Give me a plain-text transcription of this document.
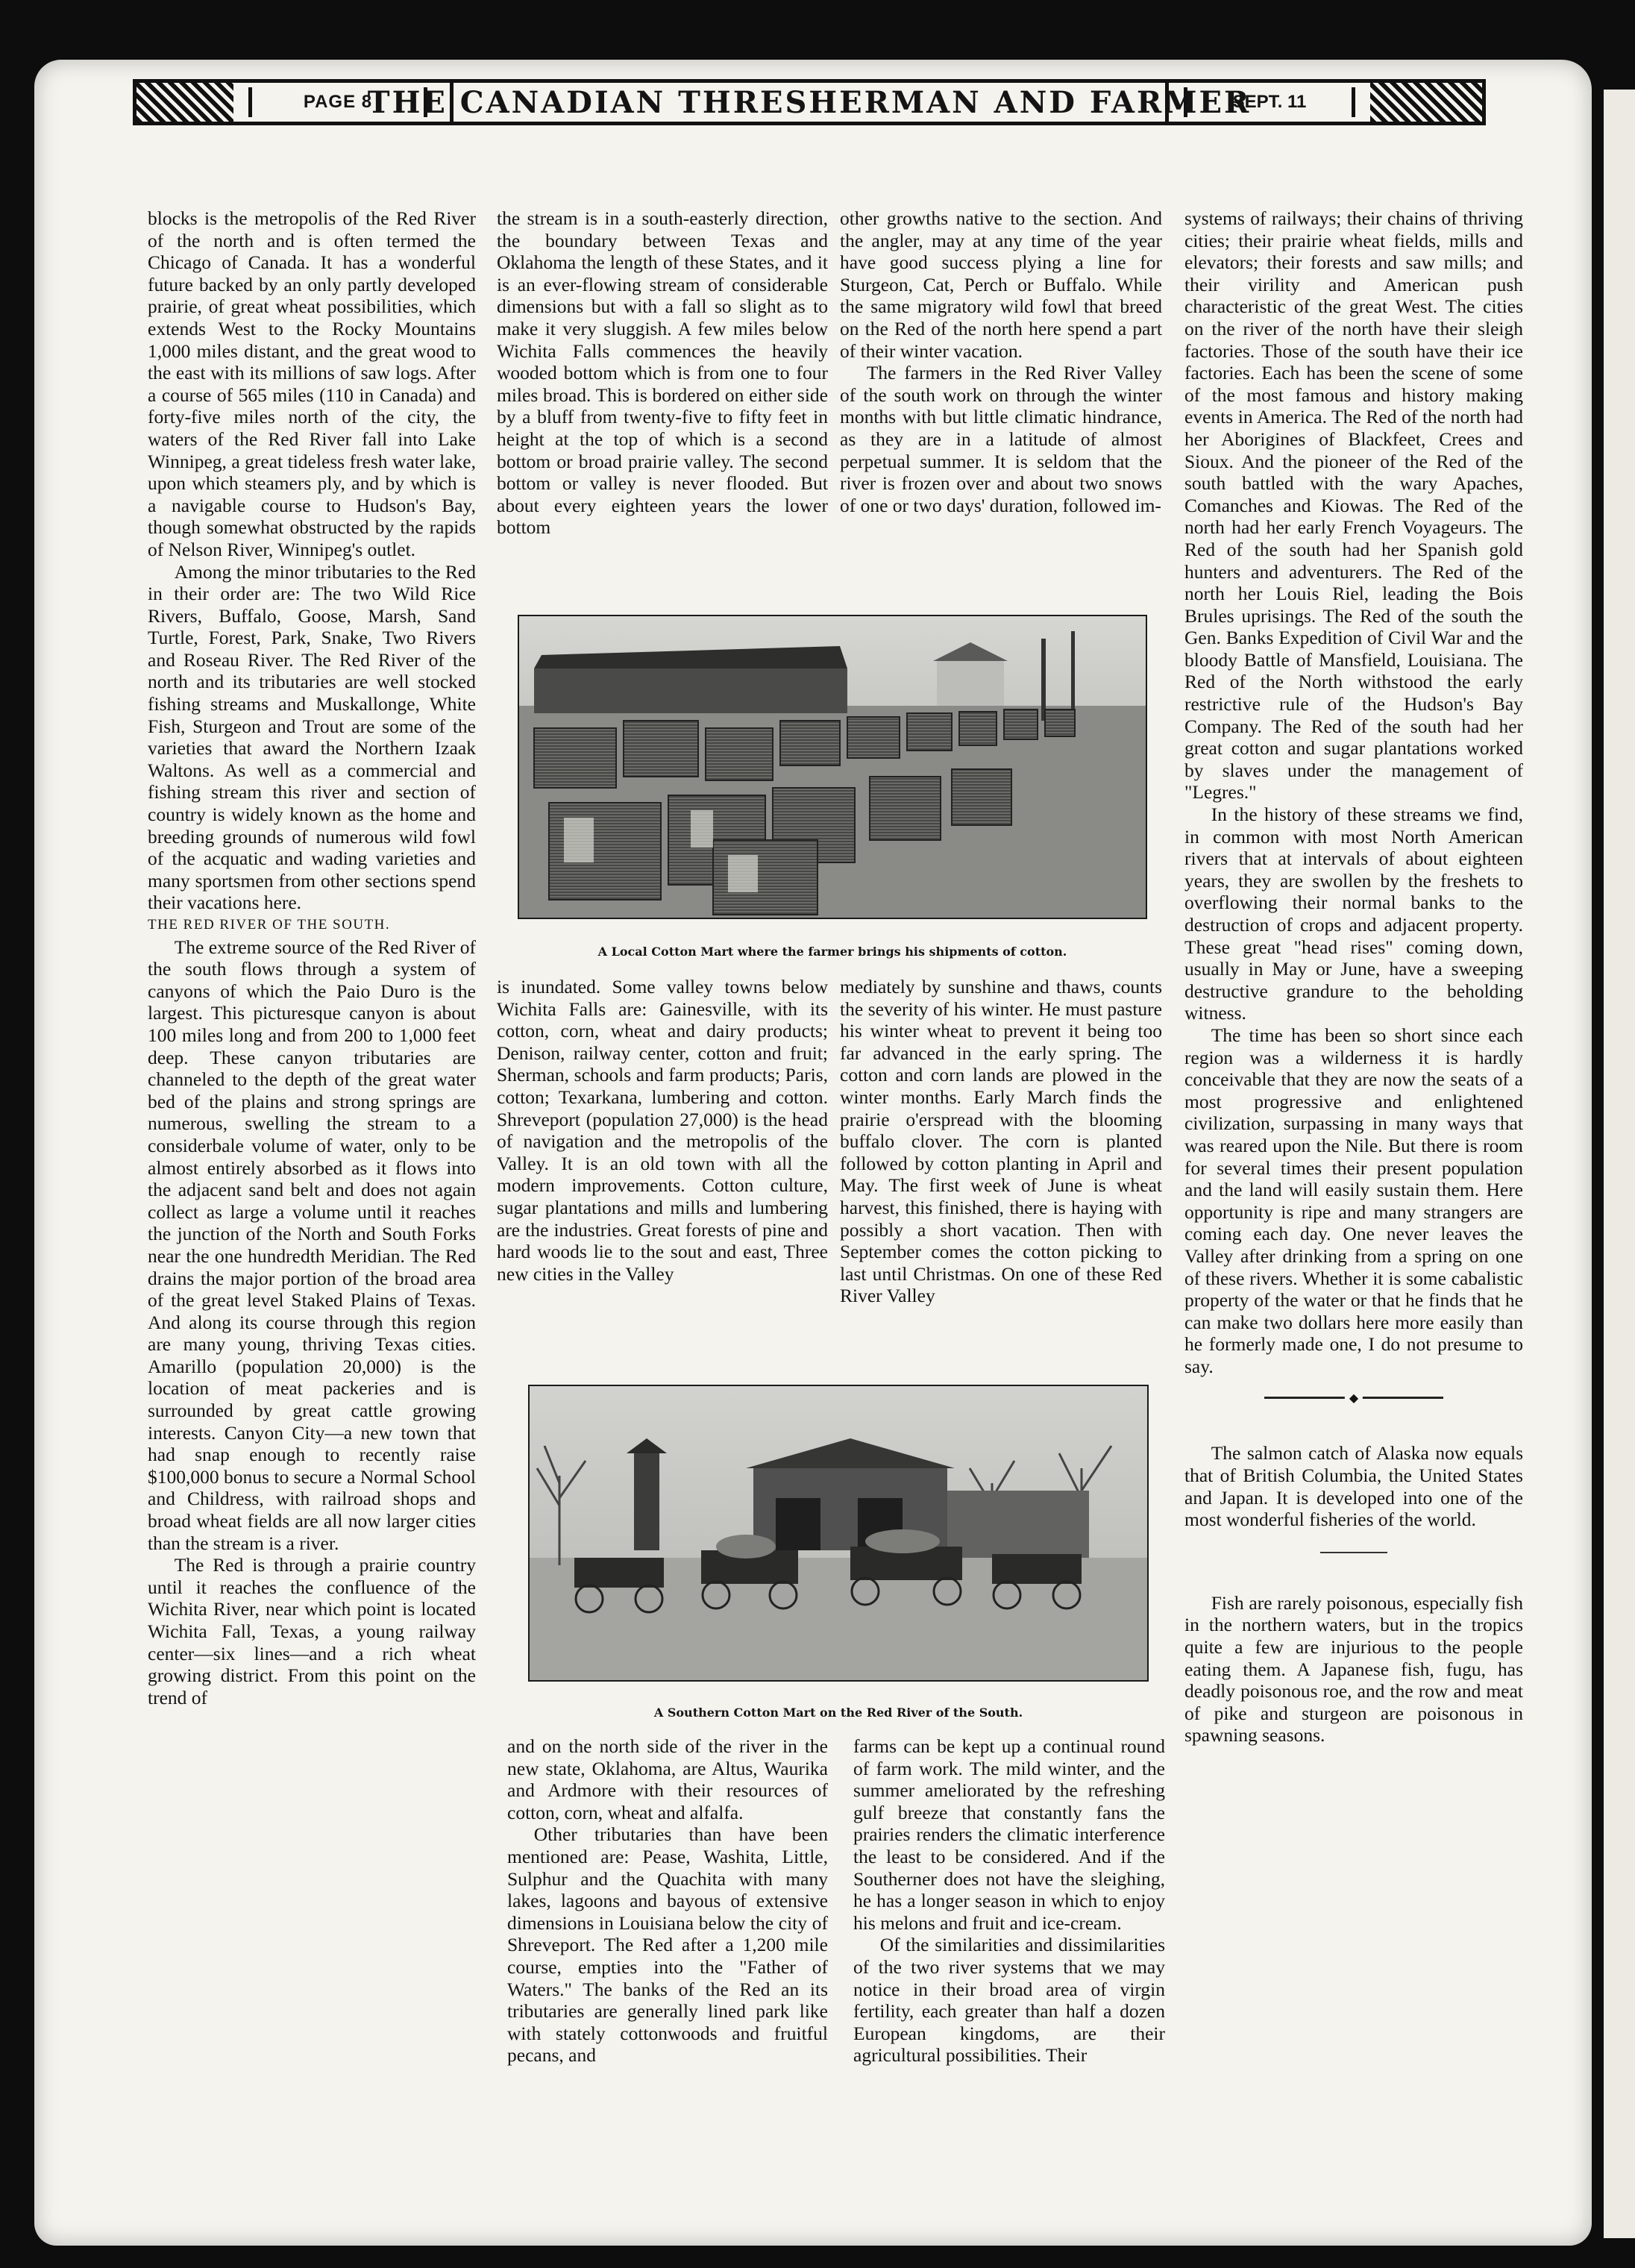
PAGE 8
THE CANADIAN THRESHERMAN AND FARMER
SEPT. 11

blocks is the metropolis of the Red River of the north and is often termed the Chicago of Canada. It has a wonderful future backed by an only partly developed prairie, of great wheat possibilities, which extends West to the Rocky Mountains 1,000 miles distant, and the great wood to the east with its millions of saw logs. After a course of 565 miles (110 in Canada) and forty-five miles north of the city, the waters of the Red River fall into Lake Winnipeg, a great tideless fresh water lake, upon which steamers ply, and by which is a navigable course to Hudson's Bay, though somewhat obstructed by the rapids of Nelson River, Winnipeg's outlet.

Among the minor tributaries to the Red in their order are: The two Wild Rice Rivers, Buffalo, Goose, Marsh, Sand Turtle, Forest, Park, Snake, Two Rivers and Roseau River. The Red River of the north and its tributaries are well stocked fishing streams and Muskallonge, White Fish, Sturgeon and Trout are some of the varieties that award the Northern Izaak Waltons. As well as a commercial and fishing stream this river and section of country is widely known as the home and breeding grounds of numerous wild fowl of the acquatic and wading varieties and many sportsmen from other sections spend their vacations here.

THE RED RIVER OF THE SOUTH.

The extreme source of the Red River of the south flows through a system of canyons of which the Paio Duro is the largest. This picturesque canyon is about 100 miles long and from 200 to 1,000 feet deep. These canyon tributaries are channeled to the depth of the great water bed of the plains and strong springs are numerous, swelling the stream to a considerbale volume of water, only to be almost entirely absorbed as it flows into the adjacent sand belt and does not again collect as large a volume until it reaches the junction of the North and South Forks near the one hundredth Meridian. The Red drains the major portion of the broad area of the great level Staked Plains of Texas. And along its course through this region are many young, thriving Texas cities. Amarillo (population 20,000) is the location of meat packeries and is surrounded by great cattle growing interests. Canyon City—a new town that had snap enough to recently raise $100,000 bonus to secure a Normal School and Childress, with railroad shops and broad wheat fields are all now larger cities than the stream is a river.

The Red is through a prairie country until it reaches the confluence of the Wichita River, near which point is located Wichita Fall, Texas, a young railway center—six lines—and a rich wheat growing district. From this point on the trend of

the stream is in a south-easterly direction, the boundary between Texas and Oklahoma the length of these States, and it is an ever-flowing stream of considerable dimensions but with a fall so slight as to make it very sluggish. A few miles below Wichita Falls commences the heavily wooded bottom which is from one to four miles broad. This is bordered on either side by a bluff from twenty-five to fifty feet in height at the top of which is a second bottom or broad prairie valley. The second bottom or valley is never flooded. But about every eighteen years the lower bottom

other growths native to the section. And the angler, may at any time of the year have good success plying a line for Sturgeon, Cat, Perch or Buffalo. While the same migratory wild fowl that breed on the Red of the north here spend a part of their winter vacation.

The farmers in the Red River Valley of the south work on through the winter months with but little climatic hindrance, as they are in a latitude of almost perpetual summer. It is seldom that the river is frozen over and about two snows of one or two days' duration, followed im-

A Local Cotton Mart where the farmer brings his shipments of cotton.

is inundated. Some valley towns below Wichita Falls are: Gainesville, with its cotton, corn, wheat and dairy products; Denison, railway center, cotton and fruit; Sherman, schools and farm products; Paris, cotton; Texarkana, lumbering and cotton. Shreveport (population 27,000) is the head of navigation and the metropolis of the Valley. It is an old town with all the modern improvements. Cotton culture, sugar plantations and mills and lumbering are the industries. Great forests of pine and hard woods lie to the sout and east, Three new cities in the Valley

mediately by sunshine and thaws, counts the severity of his winter. He must pasture his winter wheat to prevent it being too far advanced in the early spring. The cotton and corn lands are plowed in the winter months. Early March finds the prairie o'erspread with the blooming buffalo clover. The corn is planted followed by cotton planting in April and May. The first week of June is wheat harvest, this finished, there is haying with possibly a short vacation. Then with September comes the cotton picking to last until Christmas. On one of these Red River Valley

A Southern Cotton Mart on the Red River of the South.

and on the north side of the river in the new state, Oklahoma, are Altus, Waurika and Ardmore with their resources of cotton, corn, wheat and alfalfa.

Other tributaries than have been mentioned are: Pease, Washita, Little, Sulphur and the Quachita with many lakes, lagoons and bayous of extensive dimensions in Louisiana below the city of Shreveport. The Red after a 1,200 mile course, empties into the "Father of Waters." The banks of the Red an its tributaries are generally lined park like with stately cottonwoods and fruitful pecans, and

farms can be kept up a continual round of farm work. The mild winter, and the summer ameliorated by the refreshing gulf breeze that constantly fans the prairies renders the climatic interference the least to be considered. And if the Southerner does not have the sleighing, he has a longer season in which to enjoy his melons and fruit and ice-cream.

Of the similarities and dissimilarities of the two river systems that we may notice in their broad area of virgin fertility, each greater than half a dozen European kingdoms, are their agricultural possibilities. Their

systems of railways; their chains of thriving cities; their prairie wheat fields, mills and elevators; their forests and saw mills; and their virility and American push characteristic of the great West. The cities on the river of the north have their sleigh factories. Those of the south have their ice factories. Each has been the scene of some of the most famous and history making events in America. The Red of the north had her Aborigines of Blackfeet, Crees and Sioux. And the pioneer of the Red of the south battled with the wary Apaches, Comanches and Kiowas. The Red of the north had her early French Voyageurs. The Red of the south had her Spanish gold hunters and adventurers. The Red of the north her Louis Riel, leading the Bois Brules uprisings. The Red of the south the Gen. Banks Expedition of Civil War and the bloody Battle of Mansfield, Louisiana. The Red of the North withstood the early restrictive rule of the Hudson's Bay Company. The Red of the south had her great cotton and sugar plantations worked by slaves under the management of "Legres."

In the history of these streams we find, in common with most North American rivers that at intervals of about eighteen years, they are swollen by the freshets to overflowing their normal banks to the destruction of crops and adjacent property. These great "head rises" coming down, usually in May or June, have a sweeping destructive grandure to the beholding witness.

The time has been so short since each region was a wilderness it is hardly conceivable that they are now the seats of a most progressive and enlightened civilization, surpassing in many ways that was reared upon the Nile. But there is room for several times their present population and the land will easily sustain them. Here opportunity is ripe and many strangers are coming each day. One never leaves the Valley after drinking from a spring on one of these rivers. Whether it is some cabalistic property of the water or that he finds that he can make two dollars here more easily than he formerly made one, I do not presume to say.

◆

The salmon catch of Alaska now equals that of British Columbia, the United States and Japan. It is developed into one of the most wonderful fisheries of the world.

Fish are rarely poisonous, especially fish in the northern waters, but in the tropics quite a few are injurious to the people eating them. A Japanese fish, fugu, has deadly poisonous roe, and the row and meat of pike and sturgeon are poisonous in spawning seasons.
